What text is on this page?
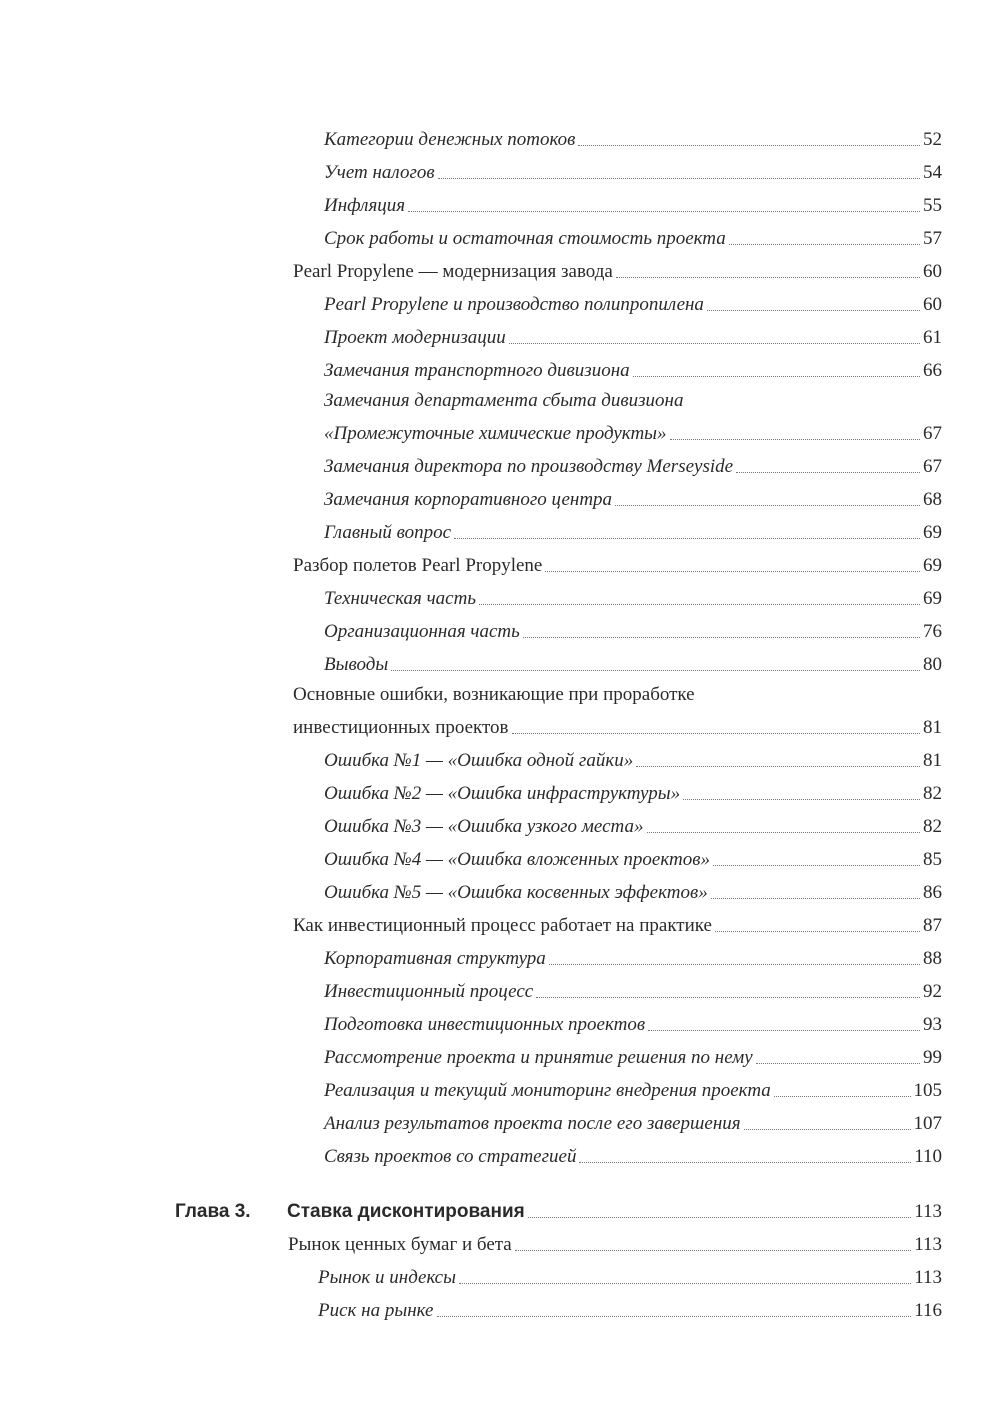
Категории денежных потоков	52
Учет налогов	54
Инфляция	55
Срок работы и остаточная стоимость проекта	57
Pearl Propylene — модернизация завода	60
Pearl Propylene и производство полипропилена	60
Проект модернизации	61
Замечания транспортного дивизиона	66
Замечания департамента сбыта дивизиона
«Промежуточные химические продукты»	67
Замечания директора по производству Merseyside	67
Замечания корпоративного центра	68
Главный вопрос	69
Разбор полетов Pearl Propylene	69
Техническая часть	69
Организационная часть	76
Выводы	80
Основные ошибки, возникающие при проработке
инвестиционных проектов	81
Ошибка №1 — «Ошибка одной гайки»	81
Ошибка №2 — «Ошибка инфраструктуры»	82
Ошибка №3 — «Ошибка узкого места»	82
Ошибка №4 — «Ошибка вложенных проектов»	85
Ошибка №5 — «Ошибка косвенных эффектов»	86
Как инвестиционный процесс работает на практике	87
Корпоративная структура	88
Инвестиционный процесс	92
Подготовка инвестиционных проектов	93
Рассмотрение проекта и принятие решения по нему	99
Реализация и текущий мониторинг внедрения проекта	105
Анализ результатов проекта после его завершения	107
Связь проектов со стратегией	110
Глава 3.	Ставка дисконтирования	113
Рынок ценных бумаг и бета	113
Рынок и индексы	113
Риск на рынке	116
